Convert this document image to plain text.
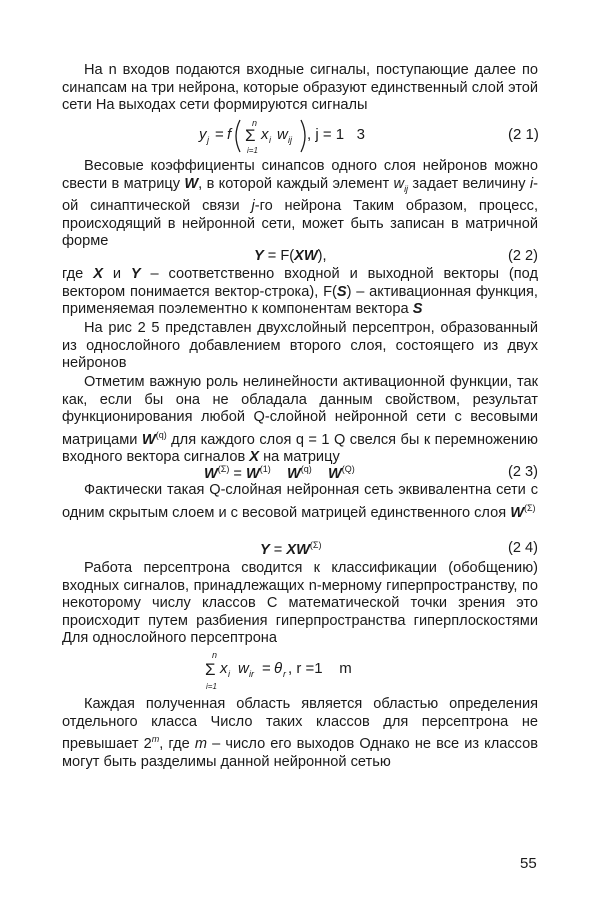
На n входов подаются входные сигналы, поступающие далее по синапсам на три нейрона, которые образуют единственный слой этой сети На выходах сети формируются сигналы

y j = f
n
Σ
i=1
x i w ij , j = 1   3	(2 1)

Весовые коэффициенты синапсов одного слоя нейронов можно свести в матрицу W, в которой каждый элемент $w_{ij}$ задает величину i-ой синаптической связи j-го нейрона Таким образом, процесс, происходящий в нейронной сети, может быть записан в матричной форме

Y = F(XW),	(2 2)

где X и Y – соответственно входной и выходной векторы (под вектором понимается вектор-строка), F(S) – активационная функция, применяемая поэлементно к компонентам вектора S

На рис 2 5 представлен двухслойный персептрон, образованный из однослойного добавлением второго слоя, состоящего из двух нейронов

Отметим важную роль нелинейности активационной функции, так как, если бы она не обладала данным свойством, результат функционирования любой Q-слойной нейронной сети с весовыми матрицами $W^{(q)}$ для каждого слоя q = 1 Q свелся бы к перемножению входного вектора сигналов X на матрицу

$W^{(\Sigma)} = W^{(1)}$ $W^{(q)}$ $W^{(Q)}$	(2 3)

Фактически такая Q-слойная нейронная сеть эквивалентна сети с одним скрытым слоем и с весовой матрицей единственного слоя $W^{(\Sigma)}$

$Y = XW^{(\Sigma)}$	(2 4)

Работа персептрона сводится к классификации (обобщению) входных сигналов, принадлежащих n-мерному гиперпространству, по некоторому числу классов С математической точки зрения это происходит путем разбиения гиперпространства гиперплоскостями Для однослойного персептрона

n
Σ
i=1
x i w ir = θ r , r =1    m

Каждая полученная область является областью определения отдельного класса Число таких классов для персептрона не превышает 2$^m$, где m – число его выходов Однако не все из классов могут быть разделимы данной нейронной сетью

55
